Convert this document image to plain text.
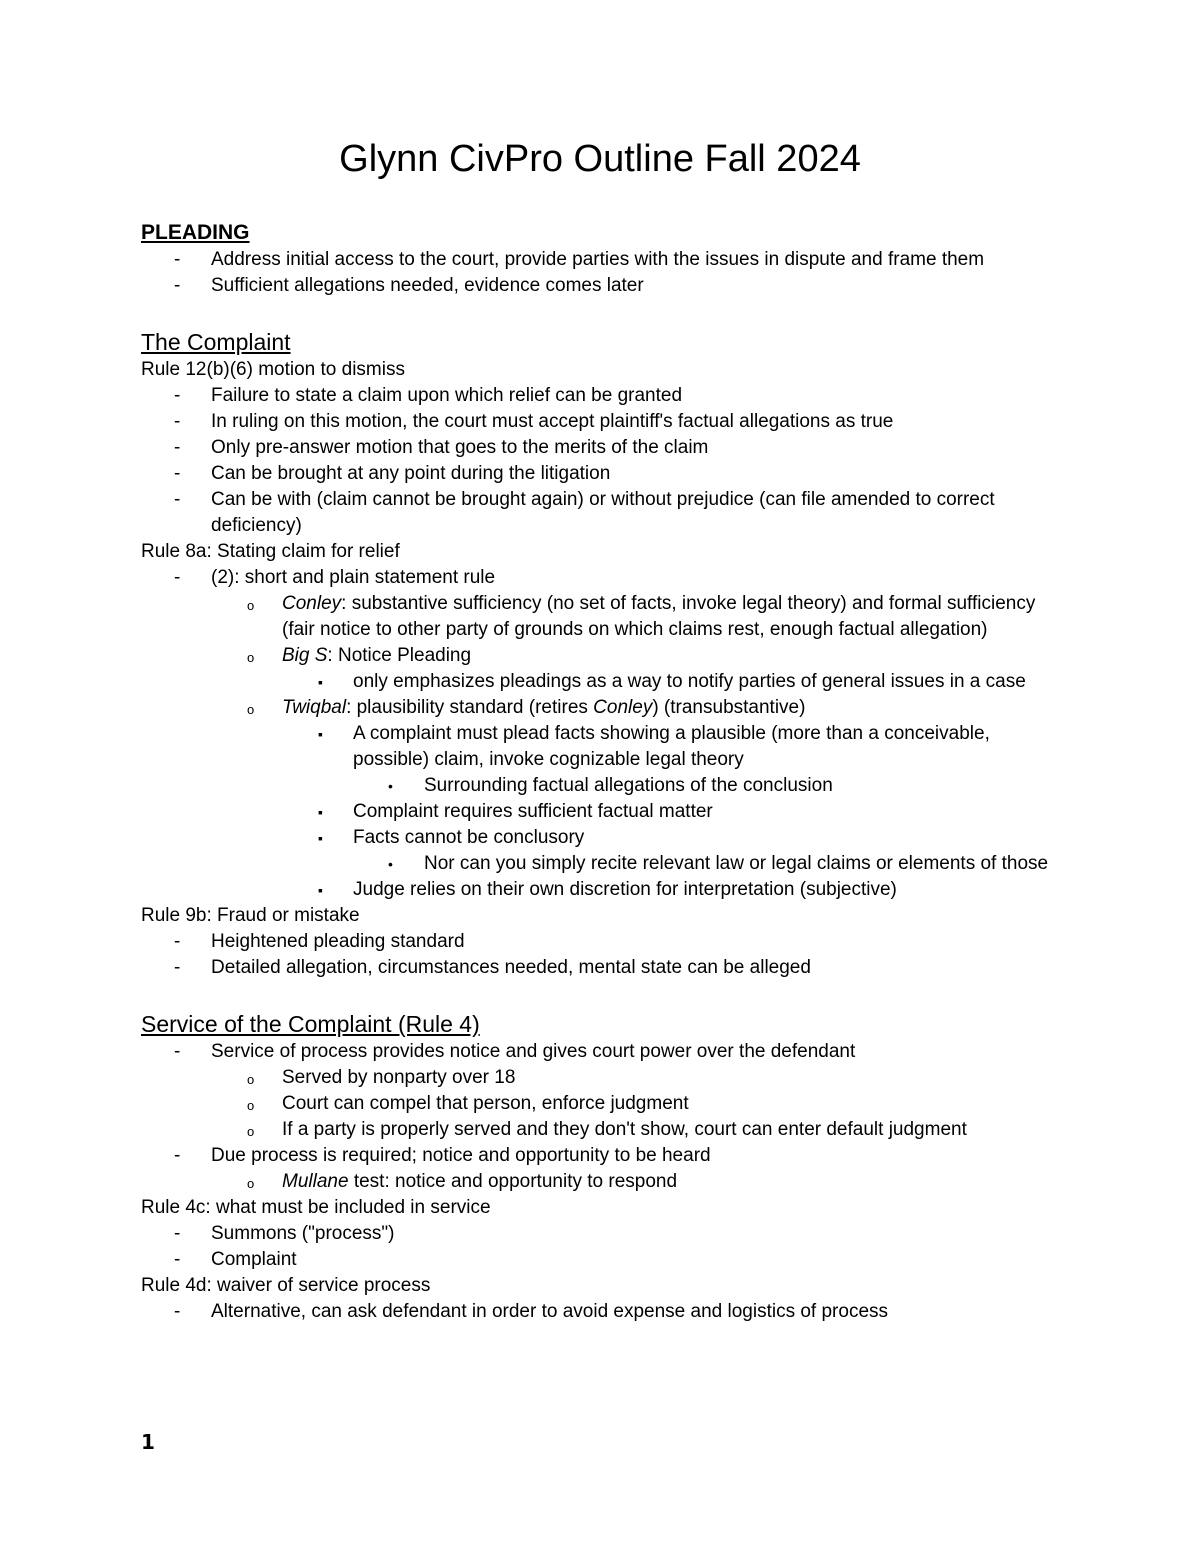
Glynn CivPro Outline Fall 2024

PLEADING

- Address initial access to the court, provide parties with the issues in dispute and frame them
- Sufficient allegations needed, evidence comes later

The Complaint

Rule 12(b)(6) motion to dismiss

- Failure to state a claim upon which relief can be granted
- In ruling on this motion, the court must accept plaintiff's factual allegations as true
- Only pre-answer motion that goes to the merits of the claim
- Can be brought at any point during the litigation
- Can be with (claim cannot be brought again) or without prejudice (can file amended to correct deficiency)

Rule 8a: Stating claim for relief

- (2): short and plain statement rule
o Conley: substantive sufficiency (no set of facts, invoke legal theory) and formal sufficiency (fair notice to other party of grounds on which claims rest, enough factual allegation)
o Big S: Notice Pleading
▪ only emphasizes pleadings as a way to notify parties of general issues in a case
o Twiqbal: plausibility standard (retires Conley) (transubstantive)
▪ A complaint must plead facts showing a plausible (more than a conceivable, possible) claim, invoke cognizable legal theory
• Surrounding factual allegations of the conclusion
▪ Complaint requires sufficient factual matter
▪ Facts cannot be conclusory
• Nor can you simply recite relevant law or legal claims or elements of those
▪ Judge relies on their own discretion for interpretation (subjective)

Rule 9b: Fraud or mistake

- Heightened pleading standard
- Detailed allegation, circumstances needed, mental state can be alleged

Service of the Complaint (Rule 4)

- Service of process provides notice and gives court power over the defendant
o Served by nonparty over 18
o Court can compel that person, enforce judgment
o If a party is properly served and they don't show, court can enter default judgment
- Due process is required; notice and opportunity to be heard
o Mullane test: notice and opportunity to respond

Rule 4c: what must be included in service

- Summons ("process")
- Complaint

Rule 4d: waiver of service process

- Alternative, can ask defendant in order to avoid expense and logistics of process
1
